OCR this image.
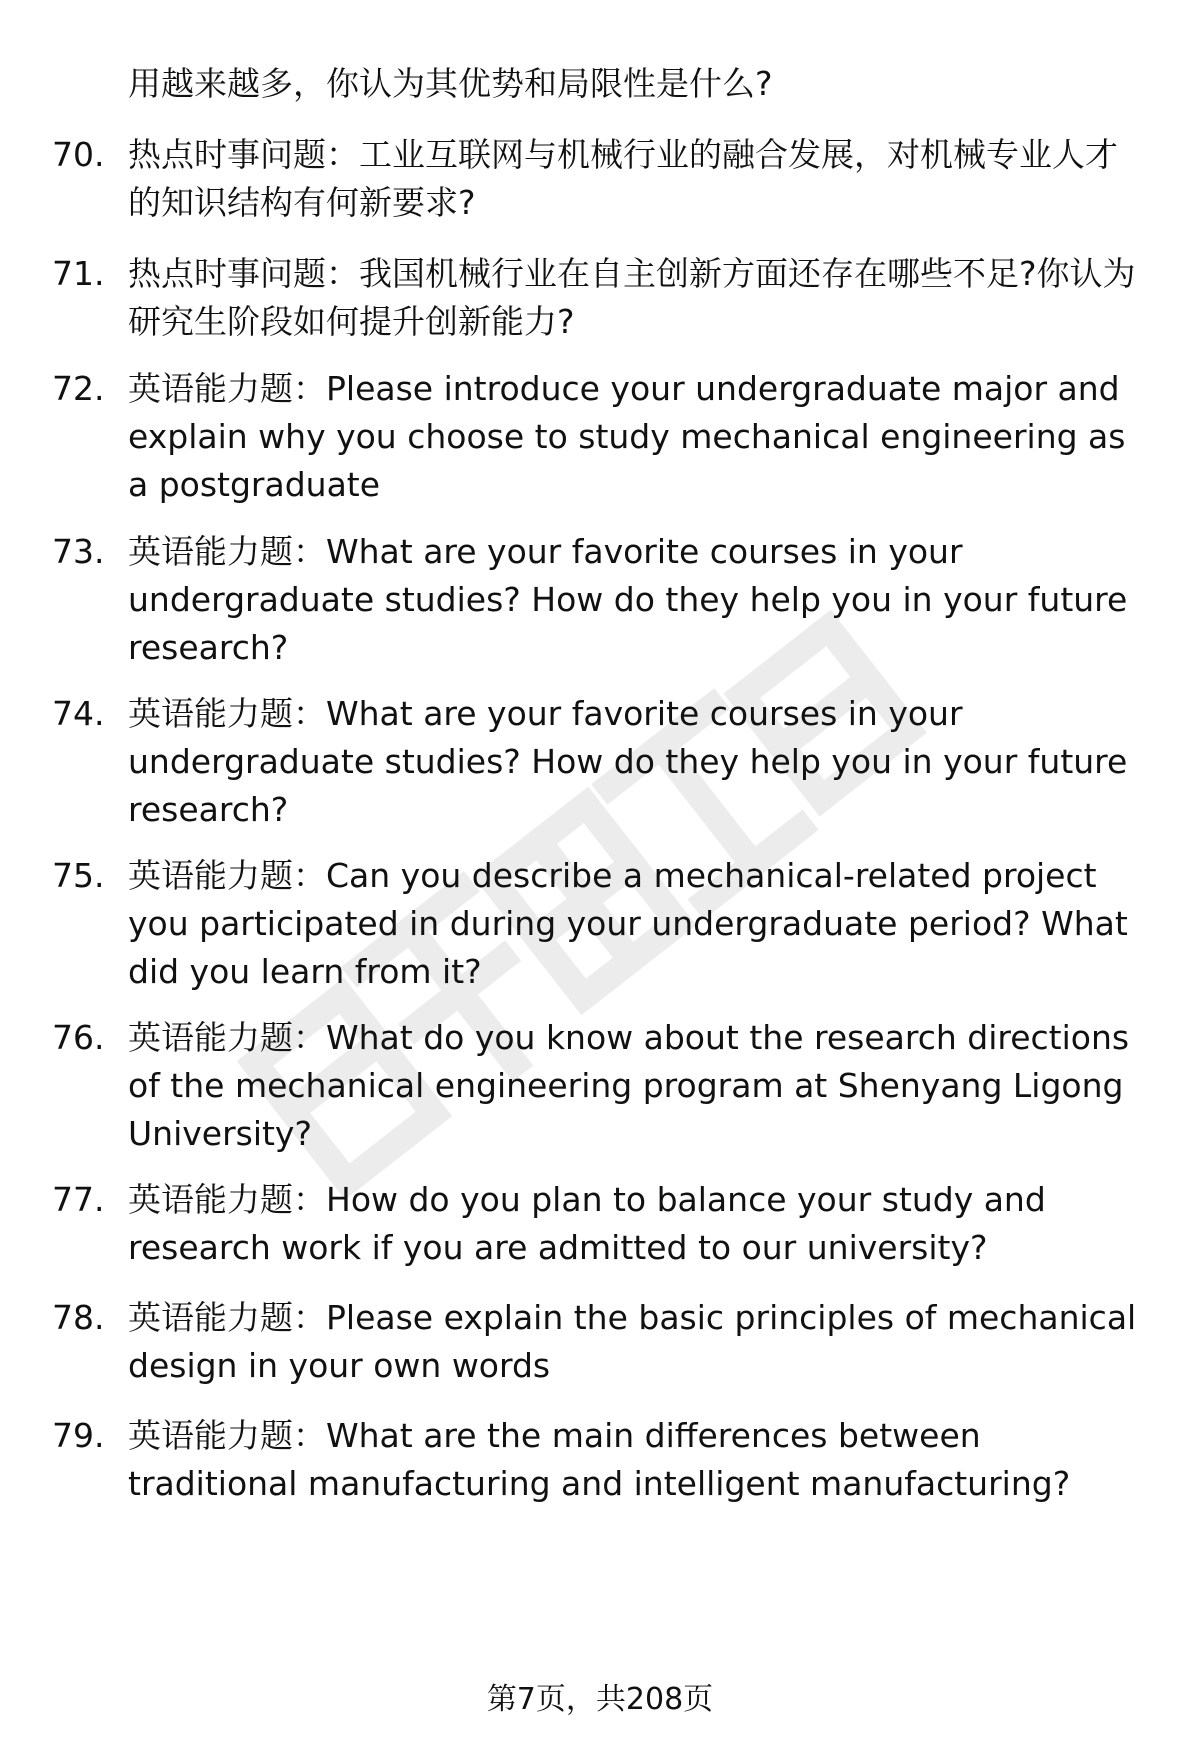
用越来越多，你认为其优势和局限性是什么?
70. 热点时事问题：工业互联网与机械行业的融合发展，对机械专业人才的知识结构有何新要求?
71. 热点时事问题：我国机械行业在自主创新方面还存在哪些不足?你认为研究生阶段如何提升创新能力?
72. 英语能力题：Please introduce your undergraduate major and explain why you choose to study mechanical engineering as a postgraduate
73. 英语能力题：What are your favorite courses in your undergraduate studies? How do they help you in your future research?
74. 英语能力题：What are your favorite courses in your undergraduate studies? How do they help you in your future research?
75. 英语能力题：Can you describe a mechanical-related project you participated in during your undergraduate period? What did you learn from it?
76. 英语能力题：What do you know about the research directions of the mechanical engineering program at Shenyang Ligong University?
77. 英语能力题：How do you plan to balance your study and research work if you are admitted to our university?
78. 英语能力题：Please explain the basic principles of mechanical design in your own words
79. 英语能力题：What are the main differences between traditional manufacturing and intelligent manufacturing?
第7页，共208页
